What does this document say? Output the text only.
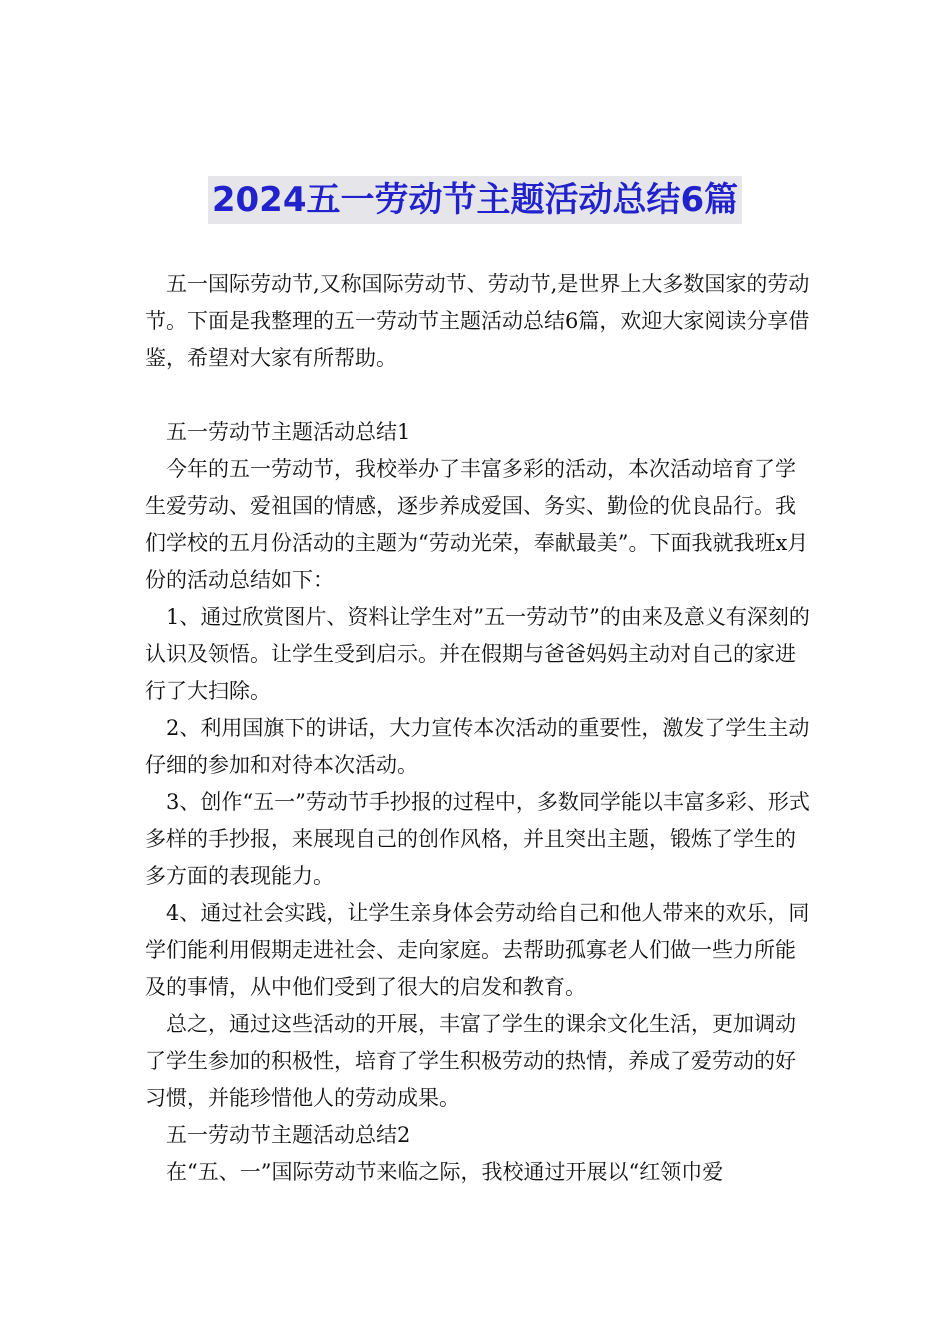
2024五一劳动节主题活动总结6篇

五一国际劳动节,又称国际劳动节、劳动节,是世界上大多数国家的劳动节。下面是我整理的五一劳动节主题活动总结6篇，欢迎大家阅读分享借鉴，希望对大家有所帮助。

五一劳动节主题活动总结1

今年的五一劳动节，我校举办了丰富多彩的活动，本次活动培育了学生爱劳动、爱祖国的情感，逐步养成爱国、务实、勤俭的优良品行。我们学校的五月份活动的主题为“劳动光荣，奉献最美”。下面我就我班x月份的活动总结如下：

1、通过欣赏图片、资料让学生对”五一劳动节”的由来及意义有深刻的认识及领悟。让学生受到启示。并在假期与爸爸妈妈主动对自己的家进行了大扫除。

2、利用国旗下的讲话，大力宣传本次活动的重要性，激发了学生主动仔细的参加和对待本次活动。

3、创作“五一”劳动节手抄报的过程中，多数同学能以丰富多彩、形式多样的手抄报，来展现自己的创作风格，并且突出主题，锻炼了学生的多方面的表现能力。

4、通过社会实践，让学生亲身体会劳动给自己和他人带来的欢乐，同学们能利用假期走进社会、走向家庭。去帮助孤寡老人们做一些力所能及的事情，从中他们受到了很大的启发和教育。

总之，通过这些活动的开展，丰富了学生的课余文化生活，更加调动了学生参加的积极性，培育了学生积极劳动的热情，养成了爱劳动的好习惯，并能珍惜他人的劳动成果。

五一劳动节主题活动总结2

在“五、一”国际劳动节来临之际，我校通过开展以“红领巾爱
